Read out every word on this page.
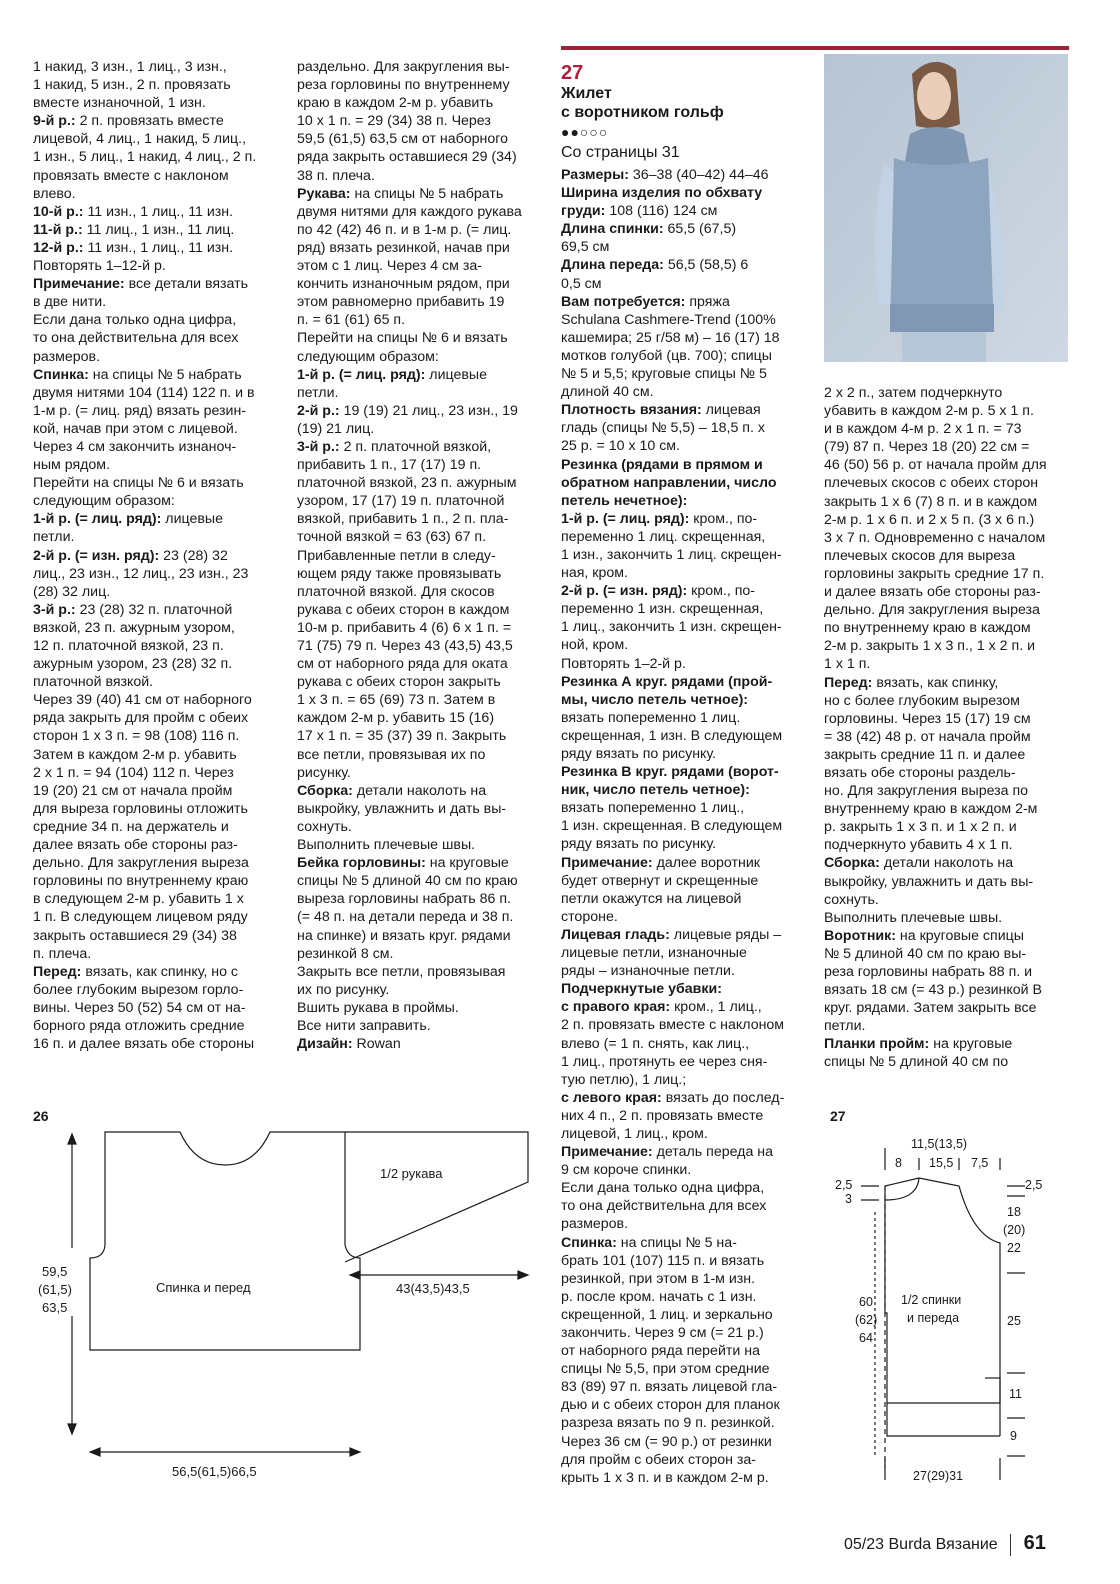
1 накид, 3 изн., 1 лиц., 3 изн.,

1 накид, 5 изн., 2 п. провязать

вместе изнаночной, 1 изн.

9-й р.: 2 п. провязать вместе

лицевой, 4 лиц., 1 накид, 5 лиц.,

1 изн., 5 лиц., 1 накид, 4 лиц., 2 п.

провязать вместе с наклоном

влево.

10-й р.: 11 изн., 1 лиц., 11 изн.

11-й р.: 11 лиц., 1 изн., 11 лиц.

12-й р.: 11 изн., 1 лиц., 11 изн.

Повторять 1–12-й р.

Примечание: все детали вязать

в две нити.

Если дана только одна цифра,

то она действительна для всех

размеров.

Спинка: на спицы № 5 набрать

двумя нитями 104 (114) 122 п. и в

1-м р. (= лиц. ряд) вязать резин-

кой, начав при этом с лицевой.

Через 4 см закончить изнаноч-

ным рядом.

Перейти на спицы № 6 и вязать

следующим образом:

1-й р. (= лиц. ряд): лицевые

петли.

2-й р. (= изн. ряд): 23 (28) 32

лиц., 23 изн., 12 лиц., 23 изн., 23

(28) 32 лиц.

3-й р.: 23 (28) 32 п. платочной

вязкой, 23 п. ажурным узором,

12 п. платочной вязкой, 23 п.

ажурным узором, 23 (28) 32 п.

платочной вязкой.

Через 39 (40) 41 см от наборного

ряда закрыть для пройм с обеих

сторон 1 х 3 п. = 98 (108) 116 п.

Затем в каждом 2-м р. убавить

2 х 1 п. = 94 (104) 112 п. Через

19 (20) 21 см от начала пройм

для выреза горловины отложить

средние 34 п. на держатель и

далее вязать обе стороны раз-

дельно. Для закругления выреза

горловины по внутреннему краю

в следующем 2-м р. убавить 1 х

1 п. В следующем лицевом ряду

закрыть оставшиеся 29 (34) 38

п. плеча.

Перед: вязать, как спинку, но с

более глубоким вырезом горло-

вины. Через 50 (52) 54 см от на-

борного ряда отложить средние

16 п. и далее вязать обе стороны

раздельно. Для закругления вы-

реза горловины по внутреннему

краю в каждом 2-м р. убавить

10 х 1 п. = 29 (34) 38 п. Через

59,5 (61,5) 63,5 см от наборного

ряда закрыть оставшиеся 29 (34)

38 п. плеча.

Рукава: на спицы № 5 набрать

двумя нитями для каждого рукава

по 42 (42) 46 п. и в 1-м р. (= лиц.

ряд) вязать резинкой, начав при

этом с 1 лиц. Через 4 см за-

кончить изнаночным рядом, при

этом равномерно прибавить 19

п. = 61 (61) 65 п.

Перейти на спицы № 6 и вязать

следующим образом:

1-й р. (= лиц. ряд): лицевые

петли.

2-й р.: 19 (19) 21 лиц., 23 изн., 19

(19) 21 лиц.

3-й р.: 2 п. платочной вязкой,

прибавить 1 п., 17 (17) 19 п.

платочной вязкой, 23 п. ажурным

узором, 17 (17) 19 п. платочной

вязкой, прибавить 1 п., 2 п. пла-

точной вязкой = 63 (63) 67 п.

Прибавленные петли в следу-

ющем ряду также провязывать

платочной вязкой. Для скосов

рукава с обеих сторон в каждом

10-м р. прибавить 4 (6) 6 х 1 п. =

71 (75) 79 п. Через 43 (43,5) 43,5

см от наборного ряда для оката

рукава с обеих сторон закрыть

1 х 3 п. = 65 (69) 73 п. Затем в

каждом 2-м р. убавить 15 (16)

17 х 1 п. = 35 (37) 39 п. Закрыть

все петли, провязывая их по

рисунку.

Сборка: детали наколоть на

выкройку, увлажнить и дать вы-

сохнуть.

Выполнить плечевые швы.

Бейка горловины: на круговые

спицы № 5 длиной 40 см по краю

выреза горловины набрать 86 п.

(= 48 п. на детали переда и 38 п.

на спинке) и вязать круг. рядами

резинкой 8 см.

Закрыть все петли, провязывая

их по рисунку.

Вшить рукава в проймы.

Все нити заправить.

Дизайн: Rowan

27

Жилет

с воротником гольф

●●○○○

Со страницы 31

Размеры: 36–38 (40–42) 44–46

Ширина изделия по обхвату

груди: 108 (116) 124 см

Длина спинки: 65,5 (67,5)

69,5 см

Длина переда: 56,5 (58,5) 6

0,5 см

Вам потребуется: пряжа

Schulana Cashmere-Trend (100%

кашемира; 25 г/58 м) – 16 (17) 18

мотков голубой (цв. 700); спицы

№ 5 и 5,5; круговые спицы № 5

длиной 40 см.

Плотность вязания: лицевая

гладь (спицы № 5,5) – 18,5 п. х

25 р. = 10 х 10 см.

Резинка (рядами в прямом и

обратном направлении, число

петель нечетное):

1-й р. (= лиц. ряд): кром., по-

переменно 1 лиц. скрещенная,

1 изн., закончить 1 лиц. скрещен-

ная, кром.

2-й р. (= изн. ряд): кром., по-

переменно 1 изн. скрещенная,

1 лиц., закончить 1 изн. скрещен-

ной, кром.

Повторять 1–2-й р.

Резинка А круг. рядами (прой-

мы, число петель четное):

вязать попеременно 1 лиц.

скрещенная, 1 изн. В следующем

ряду вязать по рисунку.

Резинка В круг. рядами (ворот-

ник, число петель четное):

вязать попеременно 1 лиц.,

1 изн. скрещенная. В следующем

ряду вязать по рисунку.

Примечание: далее воротник

будет отвернут и скрещенные

петли окажутся на лицевой

стороне.

Лицевая гладь: лицевые ряды –

лицевые петли, изнаночные

ряды – изнаночные петли.

Подчеркнутые убавки:

с правого края: кром., 1 лиц.,

2 п. провязать вместе с наклоном

влево (= 1 п. снять, как лиц.,

1 лиц., протянуть ее через сня-

тую петлю), 1 лиц.;

с левого края: вязать до послед-

них 4 п., 2 п. провязать вместе

лицевой, 1 лиц., кром.

Примечание: деталь переда на

9 см короче спинки.

Если дана только одна цифра,

то она действительна для всех

размеров.

Спинка: на спицы № 5 на-

брать 101 (107) 115 п. и вязать

резинкой, при этом в 1-м изн.

р. после кром. начать с 1 изн.

скрещенной, 1 лиц. и зеркально

закончить. Через 9 см (= 21 р.)

от наборного ряда перейти на

спицы № 5,5, при этом средние

83 (89) 97 п. вязать лицевой гла-

дью и с обеих сторон для планок

разреза вязать по 9 п. резинкой.

Через 36 см (= 90 р.) от резинки

для пройм с обеих сторон за-

крыть 1 х 3 п. и в каждом 2-м р.

2 х 2 п., затем подчеркнуто

убавить в каждом 2-м р. 5 х 1 п.

и в каждом 4-м р. 2 х 1 п. = 73

(79) 87 п. Через 18 (20) 22 см =

46 (50) 56 р. от начала пройм для

плечевых скосов с обеих сторон

закрыть 1 х 6 (7) 8 п. и в каждом

2-м р. 1 х 6 п. и 2 х 5 п. (3 х 6 п.)

3 х 7 п. Одновременно с началом

плечевых скосов для выреза

горловины закрыть средние 17 п.

и далее вязать обе стороны раз-

дельно. Для закругления выреза

по внутреннему краю в каждом

2-м р. закрыть 1 х 3 п., 1 х 2 п. и

1 х 1 п.

Перед: вязать, как спинку,

но с более глубоким вырезом

горловины. Через 15 (17) 19 см

= 38 (42) 48 р. от начала пройм

закрыть средние 11 п. и далее

вязать обе стороны раздель-

но. Для закругления выреза по

внутреннему краю в каждом 2-м

р. закрыть 1 х 3 п. и 1 х 2 п. и

подчеркнуто убавить 4 х 1 п.

Сборка: детали наколоть на

выкройку, увлажнить и дать вы-

сохнуть.

Выполнить плечевые швы.

Воротник: на круговые спицы

№ 5 длиной 40 см по краю вы-

реза горловины набрать 88 п. и

вязать 18 см (= 43 р.) резинкой В

круг. рядами. Затем закрыть все

петли.

Планки пройм: на круговые

спицы № 5 длиной 40 см по

26
1/2 рукава
Спинка и перед
59,5
(61,5)
63,5
43(43,5)43,5
56,5(61,5)66,5
27
11,5(13,5)
8 15,5 7,5
2,5
3
2,5
18
(20)
22
25
11
9
60
(62)
64
1/2 спинки
и переда
27(29)31
05/23 Burda Вязание 61
